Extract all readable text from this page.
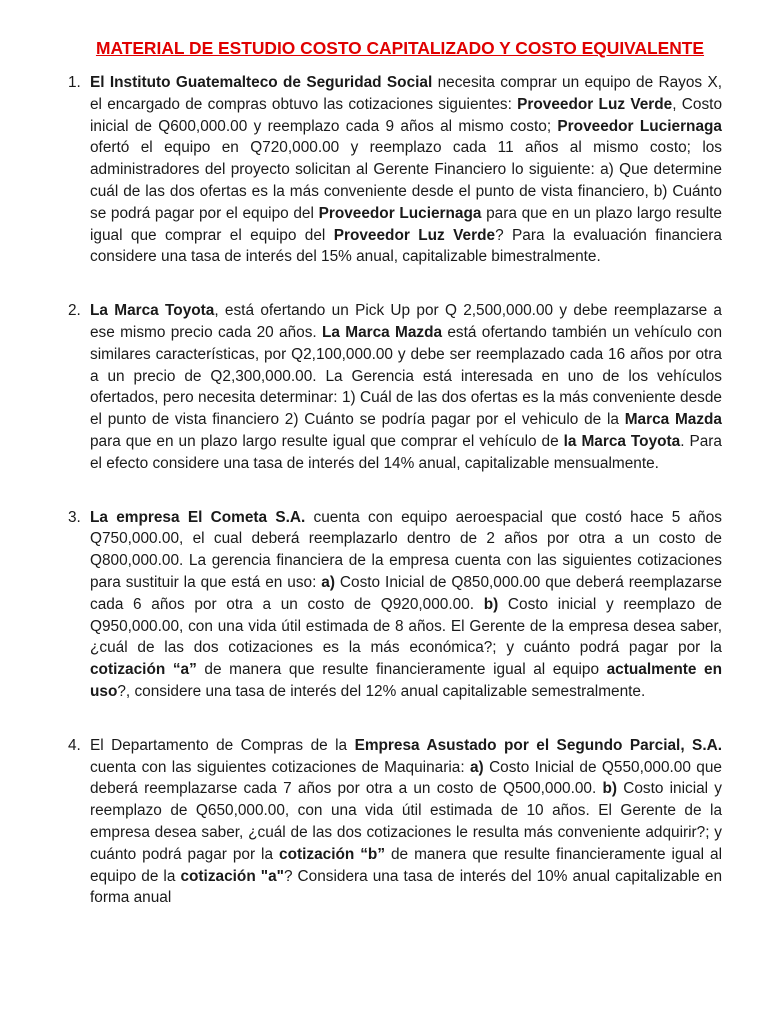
MATERIAL DE ESTUDIO COSTO CAPITALIZADO Y COSTO EQUIVALENTE
1. El Instituto Guatemalteco de Seguridad Social necesita comprar un equipo de Rayos X, el encargado de compras obtuvo las cotizaciones siguientes: Proveedor Luz Verde, Costo inicial de Q600,000.00 y reemplazo cada 9 años al mismo costo; Proveedor Luciernaga ofertó el equipo en Q720,000.00 y reemplazo cada 11 años al mismo costo; los administradores del proyecto solicitan al Gerente Financiero lo siguiente: a) Que determine cuál de las dos ofertas es la más conveniente desde el punto de vista financiero, b) Cuánto se podrá pagar por el equipo del Proveedor Luciernaga para que en un plazo largo resulte igual que comprar el equipo del Proveedor Luz Verde? Para la evaluación financiera considere una tasa de interés del 15% anual, capitalizable bimestralmente.
2. La Marca Toyota, está ofertando un Pick Up por Q 2,500,000.00 y debe reemplazarse a ese mismo precio cada 20 años. La Marca Mazda está ofertando también un vehículo con similares características, por Q2,100,000.00 y debe ser reemplazado cada 16 años por otra a un precio de Q2,300,000.00. La Gerencia está interesada en uno de los vehículos ofertados, pero necesita determinar: 1) Cuál de las dos ofertas es la más conveniente desde el punto de vista financiero 2) Cuánto se podría pagar por el vehiculo de la Marca Mazda para que en un plazo largo resulte igual que comprar el vehículo de la Marca Toyota. Para el efecto considere una tasa de interés del 14% anual, capitalizable mensualmente.
3. La empresa El Cometa S.A. cuenta con equipo aeroespacial que costó hace 5 años Q750,000.00, el cual deberá reemplazarlo dentro de 2 años por otra a un costo de Q800,000.00. La gerencia financiera de la empresa cuenta con las siguientes cotizaciones para sustituir la que está en uso: a) Costo Inicial de Q850,000.00 que deberá reemplazarse cada 6 años por otra a un costo de Q920,000.00. b) Costo inicial y reemplazo de Q950,000.00, con una vida útil estimada de 8 años. El Gerente de la empresa desea saber, ¿cuál de las dos cotizaciones es la más económica?; y cuánto podrá pagar por la cotización “a” de manera que resulte financieramente igual al equipo actualmente en uso?, considere una tasa de interés del 12% anual capitalizable semestralmente.
4. El Departamento de Compras de la Empresa Asustado por el Segundo Parcial, S.A. cuenta con las siguientes cotizaciones de Maquinaria: a) Costo Inicial de Q550,000.00 que deberá reemplazarse cada 7 años por otra a un costo de Q500,000.00. b) Costo inicial y reemplazo de Q650,000.00, con una vida útil estimada de 10 años. El Gerente de la empresa desea saber, ¿cuál de las dos cotizaciones le resulta más conveniente adquirir?; y cuánto podrá pagar por la cotización “b” de manera que resulte financieramente igual al equipo de la cotización "a"? Considera una tasa de interés del 10% anual capitalizable en forma anual
